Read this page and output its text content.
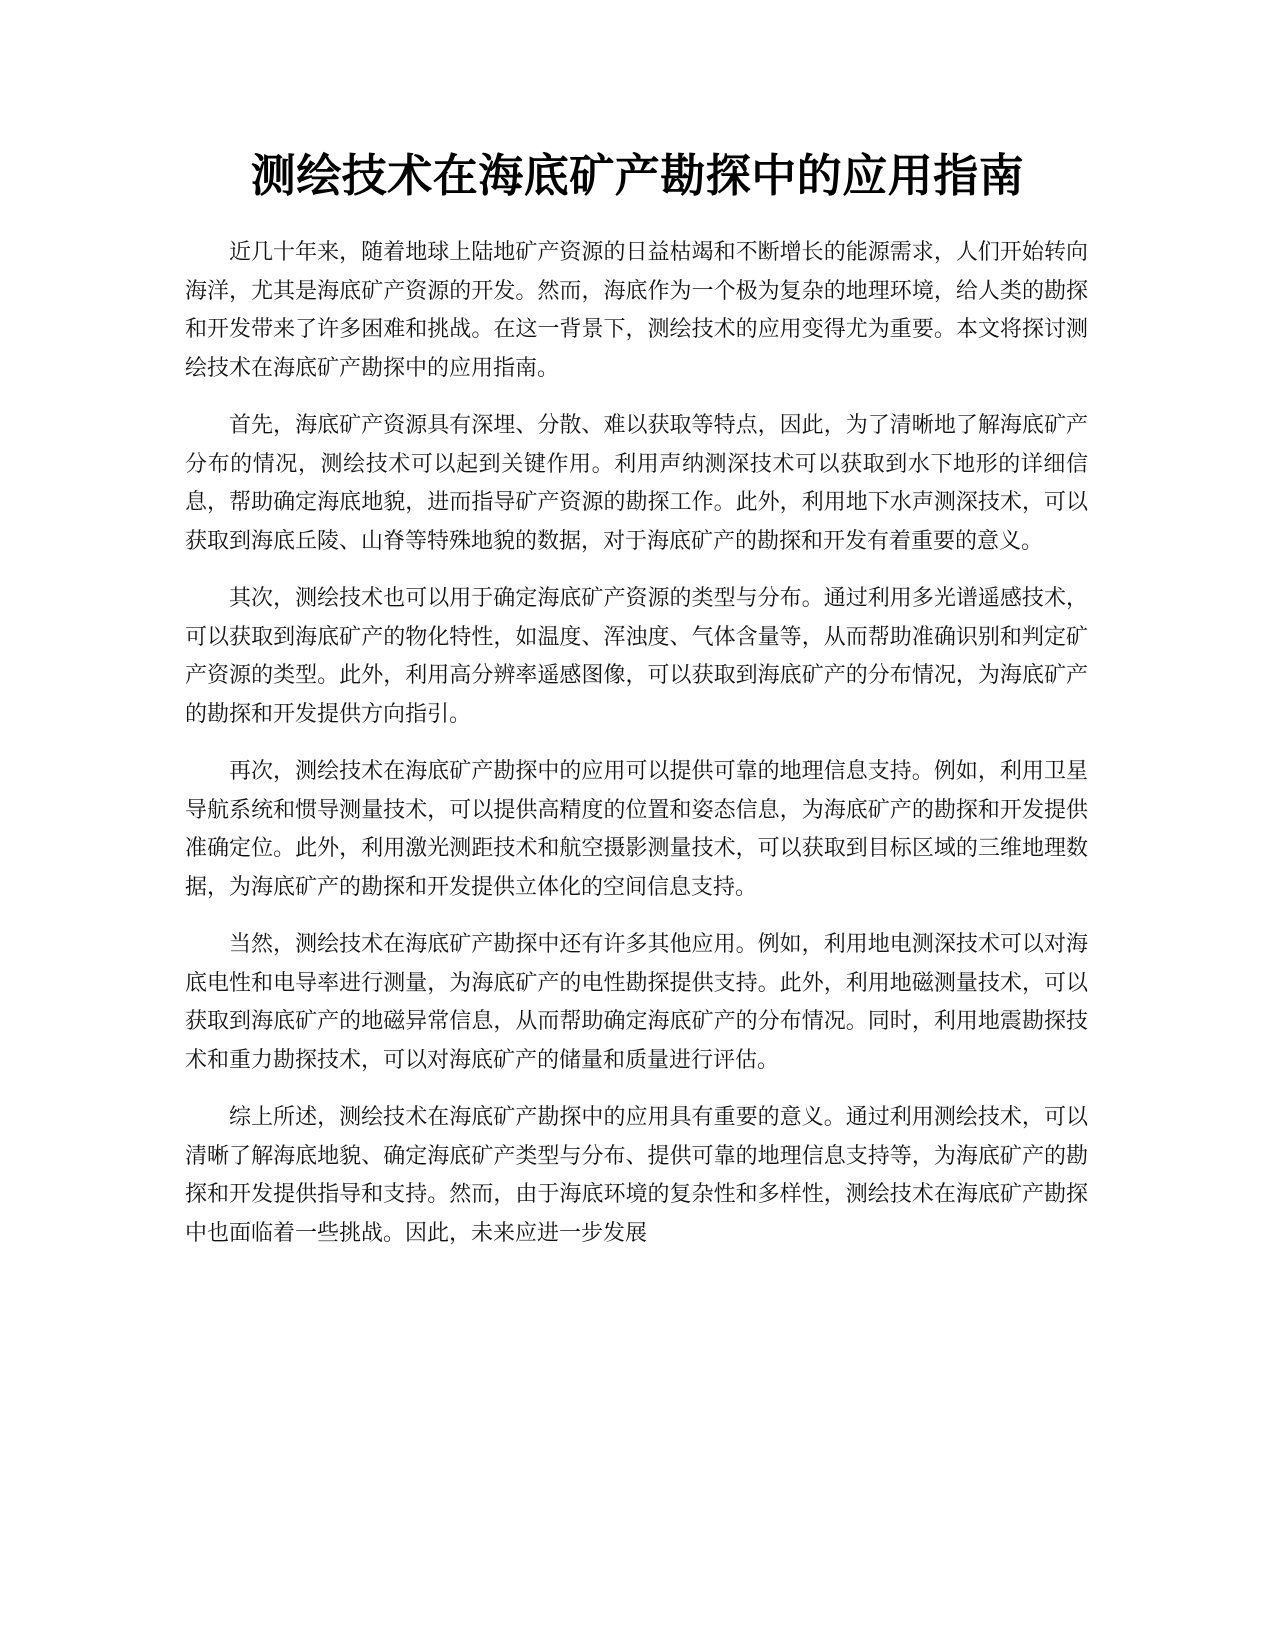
测绘技术在海底矿产勘探中的应用指南

近几十年来，随着地球上陆地矿产资源的日益枯竭和不断增长的能源需求，人们开始转向海洋，尤其是海底矿产资源的开发。然而，海底作为一个极为复杂的地理环境，给人类的勘探和开发带来了许多困难和挑战。在这一背景下，测绘技术的应用变得尤为重要。本文将探讨测绘技术在海底矿产勘探中的应用指南。

首先，海底矿产资源具有深埋、分散、难以获取等特点，因此，为了清晰地了解海底矿产分布的情况，测绘技术可以起到关键作用。利用声纳测深技术可以获取到水下地形的详细信息，帮助确定海底地貌，进而指导矿产资源的勘探工作。此外，利用地下水声测深技术，可以获取到海底丘陵、山脊等特殊地貌的数据，对于海底矿产的勘探和开发有着重要的意义。

其次，测绘技术也可以用于确定海底矿产资源的类型与分布。通过利用多光谱遥感技术，可以获取到海底矿产的物化特性，如温度、浑浊度、气体含量等，从而帮助准确识别和判定矿产资源的类型。此外，利用高分辨率遥感图像，可以获取到海底矿产的分布情况，为海底矿产的勘探和开发提供方向指引。

再次，测绘技术在海底矿产勘探中的应用可以提供可靠的地理信息支持。例如，利用卫星导航系统和惯导测量技术，可以提供高精度的位置和姿态信息，为海底矿产的勘探和开发提供准确定位。此外，利用激光测距技术和航空摄影测量技术，可以获取到目标区域的三维地理数据，为海底矿产的勘探和开发提供立体化的空间信息支持。

当然，测绘技术在海底矿产勘探中还有许多其他应用。例如，利用地电测深技术可以对海底电性和电导率进行测量，为海底矿产的电性勘探提供支持。此外，利用地磁测量技术，可以获取到海底矿产的地磁异常信息，从而帮助确定海底矿产的分布情况。同时，利用地震勘探技术和重力勘探技术，可以对海底矿产的储量和质量进行评估。

综上所述，测绘技术在海底矿产勘探中的应用具有重要的意义。通过利用测绘技术，可以清晰了解海底地貌、确定海底矿产类型与分布、提供可靠的地理信息支持等，为海底矿产的勘探和开发提供指导和支持。然而，由于海底环境的复杂性和多样性，测绘技术在海底矿产勘探中也面临着一些挑战。因此，未来应进一步发展
